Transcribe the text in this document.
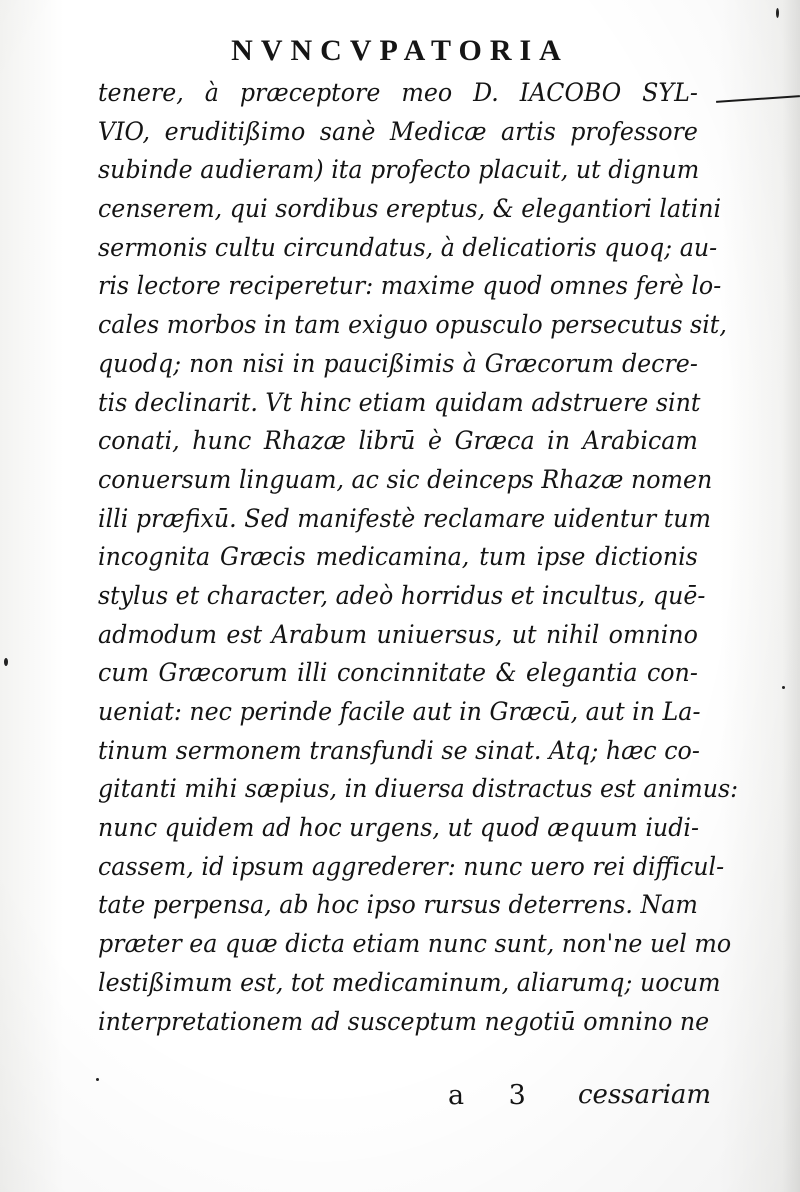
NVNCVPATORIA
tenere, à præceptore meo D. IACOBO SYL-
VIO, eruditißimo sanè Medicæ artis professore
subinde audieram) ita profecto placuit, ut dignum
censerem, qui sordibus ereptus, & elegantiori latini
sermonis cultu circundatus, à delicatioris quoq; au-
ris lectore reciperetur: maxime quod omnes ferè lo-
cales morbos in tam exiguo opusculo persecutus sit,
quodq; non nisi in paucißimis à Græcorum decre-
tis declinarit. Vt hinc etiam quidam adstruere sint
conati, hunc Rhazæ librū è Græca in Arabicam
conuersum linguam, ac sic deinceps Rhazæ nomen
illi præfixū. Sed manifestè reclamare uidentur tum
incognita Græcis medicamina, tum ipse dictionis
stylus et character, adeò horridus et incultus, quē-
admodum est Arabum uniuersus, ut nihil omnino
cum Græcorum illi concinnitate & elegantia con-
ueniat: nec perinde facile aut in Græcū, aut in La-
tinum sermonem transfundi se sinat. Atq; hæc co-
gitanti mihi sæpius, in diuersa distractus est animus:
nunc quidem ad hoc urgens, ut quod æquum iudi-
cassem, id ipsum aggrederer: nunc uero rei difficul-
tate perpensa, ab hoc ipso rursus deterrens. Nam
præter ea quæ dicta etiam nunc sunt, non'ne uel mo
lestißimum est, tot medicaminum, aliarumq; uocum
interpretationem ad susceptum negotiū omnino ne
a 3 cessariam
